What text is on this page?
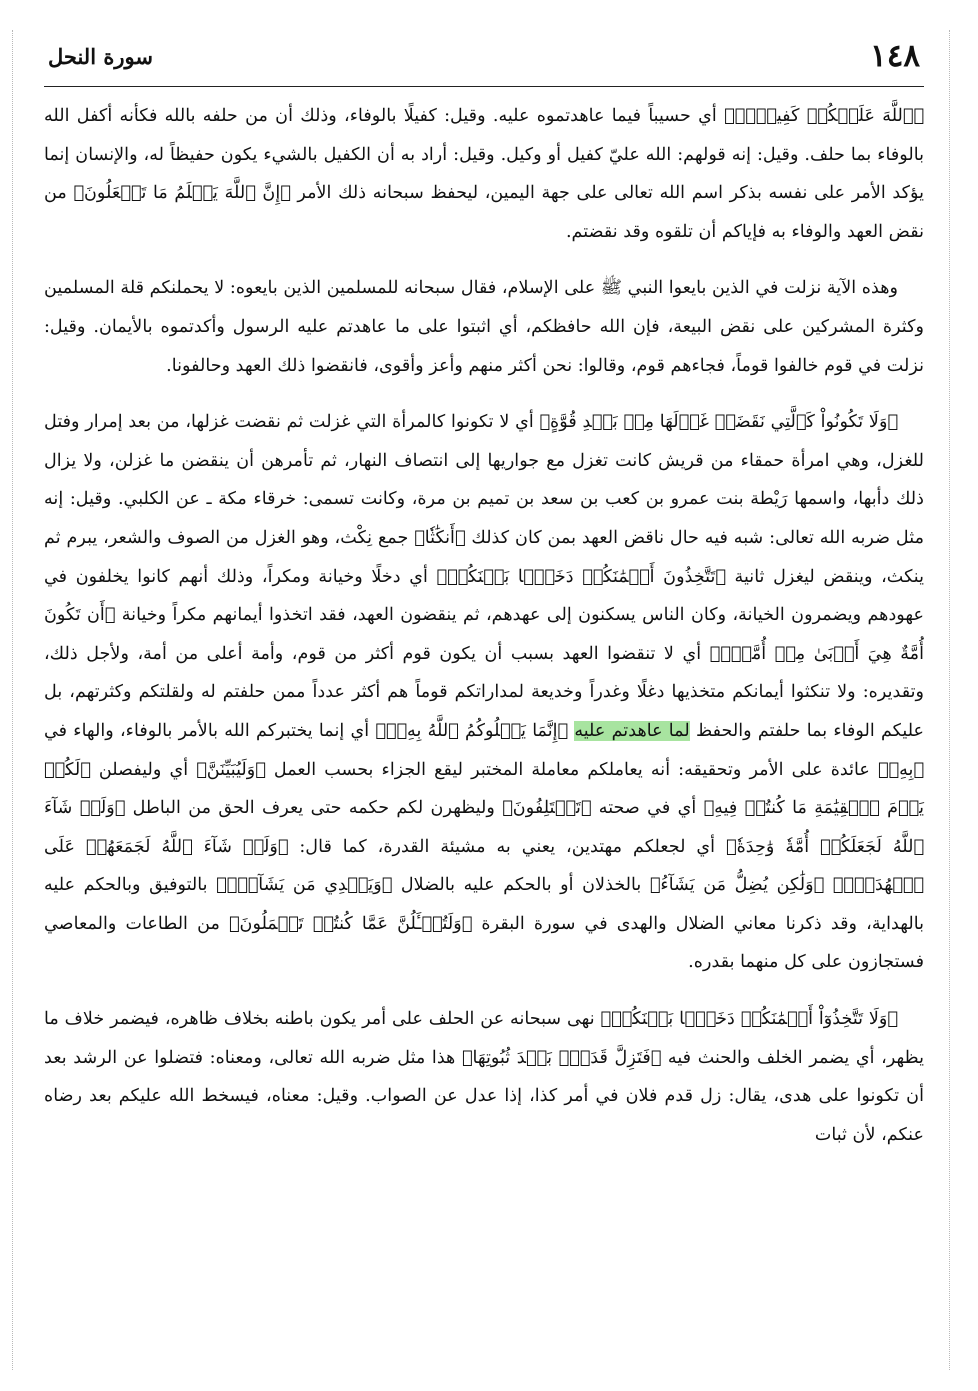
١٤٨
سورة النحل

﴿ٱللَّهَ عَلَيۡكُمۡ كَفِيلًاۚ﴾ أي حسيباً فيما عاهدتموه عليه. وقيل: كفيلًا بالوفاء، وذلك أن من حلفه بالله فكأنه أكفل الله بالوفاء بما حلف. وقيل: إنه قولهم: الله عليّ كفيل أو وكيل. وقيل: أراد به أن الكفيل بالشيء يكون حفيظاً له، والإنسان إنما يؤكد الأمر على نفسه بذكر اسم الله تعالى على جهة اليمين، ليحفظ سبحانه ذلك الأمر ﴿إِنَّ ٱللَّهَ يَعۡلَمُ مَا تَفۡعَلُونَ﴾ من نقض العهد والوفاء به فإياكم أن تلقوه وقد نقضتم.

وهذه الآية نزلت في الذين بايعوا النبي ﷺ على الإسلام، فقال سبحانه للمسلمين الذين بايعوه: لا يحملنكم قلة المسلمين وكثرة المشركين على نقض البيعة، فإن الله حافظكم، أي اثبتوا على ما عاهدتم عليه الرسول وأكدتموه بالأيمان. وقيل: نزلت في قوم خالفوا قوماً، فجاءهم قوم، وقالوا: نحن أكثر منهم وأعز وأقوى، فانقضوا ذلك العهد وحالفونا.

﴿وَلَا تَكُونُواْ كَٱلَّتِي نَقَضَتۡ غَزۡلَهَا مِنۢ بَعۡدِ قُوَّةٍ﴾ أي لا تكونوا كالمرأة التي غزلت ثم نقضت غزلها، من بعد إمرار وفتل للغزل، وهي امرأة حمقاء من قريش كانت تغزل مع جواريها إلى انتصاف النهار، ثم تأمرهن أن ينقضن ما غزلن، ولا يزال ذلك دأبها، واسمها رَيْطة بنت عمرو بن كعب بن سعد بن تميم بن مرة، وكانت تسمى: خرقاء مكة ـ عن الكلبي. وقيل: إنه مثل ضربه الله تعالى: شبه فيه حال ناقض العهد بمن كان كذلك ﴿أَنكَٰثٗا﴾ جمع نِكْث، وهو الغزل من الصوف والشعر، يبرم ثم ينكث، وينقض ليغزل ثانية ﴿تَتَّخِذُونَ أَيۡمَٰنَكُمۡ دَخَلَۢا بَيۡنَكُمۡ﴾ أي دخلًا وخيانة ومكراً، وذلك أنهم كانوا يخلفون في عهودهم ويضمرون الخيانة، وكان الناس يسكنون إلى عهدهم، ثم ينقضون العهد، فقد اتخذوا أيمانهم مكراً وخيانة ﴿أَن تَكُونَ أُمَّةٌ هِيَ أَرۡبَىٰ مِنۡ أُمَّةٍۚ﴾ أي لا تنقضوا العهد بسبب أن يكون قوم أكثر من قوم، وأمة أعلى من أمة، ولأجل ذلك، وتقديره: ولا تنكثوا أيمانكم متخذيها دغلًا وغدراً وخديعة لمداراتكم قوماً هم أكثر عدداً ممن حلفتم له ولقلتكم وكثرتهم، بل عليكم الوفاء بما حلفتم والحفظ لما عاهدتم عليه ﴿إِنَّمَا يَبۡلُوكُمُ ٱللَّهُ بِهِۦۚ﴾ أي إنما يختبركم الله بالأمر بالوفاء، والهاء في ﴿بِهِۦ﴾ عائدة على الأمر وتحقيقه: أنه يعاملكم معاملة المختبر ليقع الجزاء بحسب العمل ﴿وَلَيُبَيِّنَنَّ﴾ أي وليفصلن ﴿لَكُمۡ يَوۡمَ ٱلۡقِيَٰمَةِ مَا كُنتُمۡ فِيهِ﴾ أي في صحته ﴿تَخۡتَلِفُونَ﴾ وليظهرن لكم حكمه حتى يعرف الحق من الباطل ﴿وَلَوۡ شَآءَ ٱللَّهُ لَجَعَلَكُمۡ أُمَّةٗ وَٰحِدَةٗ﴾ أي لجعلكم مهتدين، يعني به مشيئة القدرة، كما قال: ﴿وَلَوۡ شَآءَ ٱللَّهُ لَجَمَعَهُمۡ عَلَى ٱلۡهُدَىٰۚ﴾ ﴿وَلَٰكِن يُضِلُّ مَن يَشَآءُ﴾ بالخذلان أو بالحكم عليه بالضلال ﴿وَيَهۡدِي مَن يَشَآءُۚ﴾ بالتوفيق وبالحكم عليه بالهداية، وقد ذكرنا معاني الضلال والهدى في سورة البقرة ﴿وَلَتُسۡـَٔلُنَّ عَمَّا كُنتُمۡ تَعۡمَلُونَ﴾ من الطاعات والمعاصي فستجازون على كل منهما بقدره.

﴿وَلَا تَتَّخِذُوٓاْ أَيۡمَٰنَكُمۡ دَخَلَۢا بَيۡنَكُمۡ﴾ نهى سبحانه عن الحلف على أمر يكون باطنه بخلاف ظاهره، فيضمر خلاف ما يظهر، أي يضمر الخلف والحنث فيه ﴿فَتَزِلَّ قَدَمُۢ بَعۡدَ ثُبُوتِهَا﴾ هذا مثل ضربه الله تعالى، ومعناه: فتضلوا عن الرشد بعد أن تكونوا على هدى، يقال: زل قدم فلان في أمر كذا، إذا عدل عن الصواب. وقيل: معناه، فيسخط الله عليكم بعد رضاه عنكم، لأن ثبات
